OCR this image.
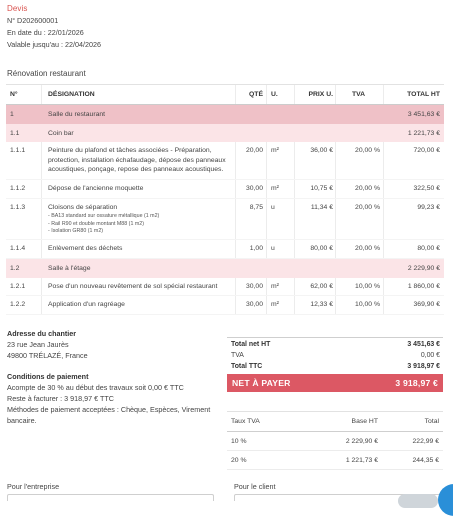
Devis
N° D202600001
En date du : 22/01/2026
Valable jusqu'au : 22/04/2026
Rénovation restaurant
N°	DÉSIGNATION	QTÉ	U.	PRIX U.	TVA	TOTAL HT
1	Salle du restaurant					3 451,63 €
1.1	Coin bar					1 221,73 €
1.1.1	Peinture du plafond et tâches associées - Préparation, protection, installation échafaudage, dépose des panneaux acoustiques, ponçage, repose des panneaux acoustiques.	20,00	m²	36,00 €	20,00 %	720,00 €
1.1.2	Dépose de l'ancienne moquette	30,00	m²	10,75 €	20,00 %	322,50 €
1.1.3	Cloisons de séparation
- BA13 standard sur ossature métallique (1 m2)
- Rail R90 et double montant M88 (1 m2)
- Isolation GR80 (1 m2)	8,75	u	11,34 €	20,00 %	99,23 €
1.1.4	Enlèvement des déchets	1,00	u	80,00 €	20,00 %	80,00 €
1.2	Salle à l'étage					2 229,90 €
1.2.1	Pose d'un nouveau revêtement de sol spécial restaurant	30,00	m²	62,00 €	10,00 %	1 860,00 €
1.2.2	Application d'un ragréage	30,00	m²	12,33 €	10,00 %	369,90 €
Adresse du chantier
23 rue Jean Jaurès
49800 TRÉLAZÉ, France
Conditions de paiement
Acompte de 30 % au début des travaux soit 0,00 € TTC
Reste à facturer : 3 918,97 € TTC
Méthodes de paiement acceptées : Chèque, Espèces, Virement bancaire.
Total net HT	3 451,63 €
TVA	0,00 €
Total TTC	3 918,97 €
NET À PAYER	3 918,97 €
Taux TVA	Base HT	Total
10 %	2 229,90 €	222,99 €
20 %	1 221,73 €	244,35 €
Pour l'entreprise	Pour le client
